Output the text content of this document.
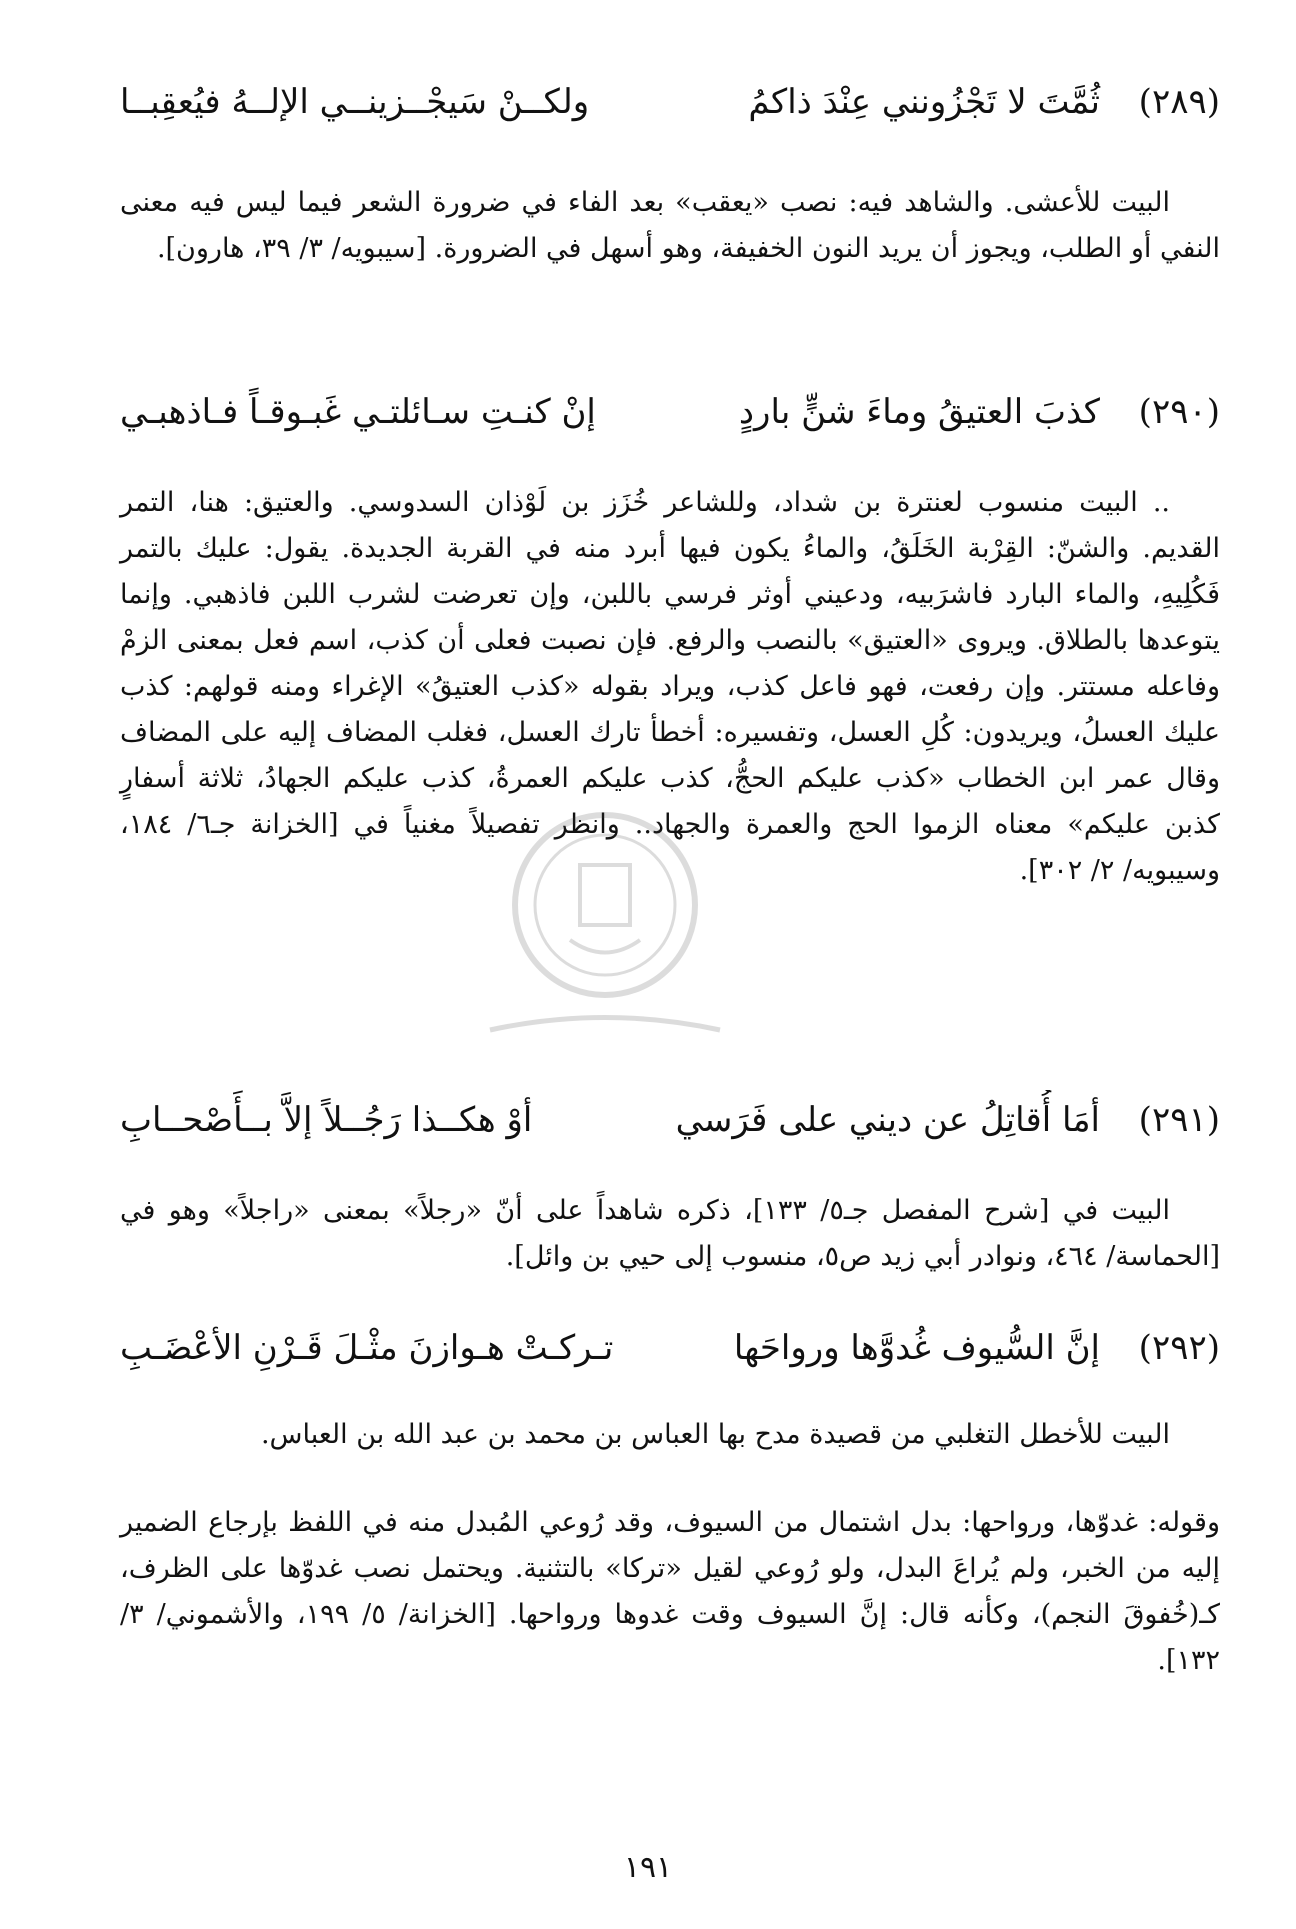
(٢٨٩)
ثُمَّتَ لا تَجْزُونني عِنْدَ ذاكمُ
ولكــنْ سَيجْــزينــي الإلــهُ فيُعقِبــا

البيت للأعشى. والشاهد فيه: نصب «يعقب» بعد الفاء في ضرورة الشعر فيما ليس فيه معنى النفي أو الطلب، ويجوز أن يريد النون الخفيفة، وهو أسهل في الضرورة. [سيبويه/ ٣/ ٣٩، هارون].

(٢٩٠)
كذبَ العتيقُ وماءَ شنٍّ باردٍ
إنْ كنـتِ سـائلتـي غَبـوقـاً فـاذهبـي

.. البيت منسوب لعنترة بن شداد، وللشاعر خُزَز بن لَوْذان السدوسي. والعتيق: هنا، التمر القديم. والشنّ: القِرْبة الخَلَقُ، والماءُ يكون فيها أبرد منه في القربة الجديدة. يقول: عليك بالتمر فَكُلِيهِ، والماء البارد فاشرَبيه، ودعيني أوثر فرسي باللبن، وإن تعرضت لشرب اللبن فاذهبي. وإنما يتوعدها بالطلاق. ويروى «العتيق» بالنصب والرفع. فإن نصبت فعلى أن كذب، اسم فعل بمعنى الزمْ وفاعله مستتر. وإن رفعت، فهو فاعل كذب، ويراد بقوله «كذب العتيقُ» الإغراء ومنه قولهم: كذب عليك العسلُ، ويريدون: كُلِ العسل، وتفسيره: أخطأ تارك العسل، فغلب المضاف إليه على المضاف وقال عمر ابن الخطاب «كذب عليكم الحجُّ، كذب عليكم العمرةُ، كذب عليكم الجهادُ، ثلاثة أسفارٍ كذبن عليكم» معناه الزموا الحج والعمرة والجهاد.. وانظر تفصيلاً مغنياً في [الخزانة جـ٦/ ١٨٤، وسيبويه/ ٢/ ٣٠٢].

(٢٩١)
أمَا أُقاتِلُ عن ديني على فَرَسي
أوْ هكــذا رَجُــلاً إلاَّ بــأَصْحــابِ

البيت في [شرح المفصل جـ٥/ ١٣٣]، ذكره شاهداً على أنّ «رجلاً» بمعنى «راجلاً» وهو في [الحماسة/ ٤٦٤، ونوادر أبي زيد ص٥، منسوب إلى حيي بن وائل].

(٢٩٢)
إنَّ السُّيوف غُدوَّها ورواحَها
تـركـتْ هـوازنَ مثْـلَ قَـرْنِ الأعْضَـبِ

البيت للأخطل التغلبي من قصيدة مدح بها العباس بن محمد بن عبد الله بن العباس.

وقوله: غدوّها، ورواحها: بدل اشتمال من السيوف، وقد رُوعي المُبدل منه في اللفظ بإرجاع الضمير إليه من الخبر، ولم يُراعَ البدل، ولو رُوعي لقيل «تركا» بالتثنية. ويحتمل نصب غدوّها على الظرف، كـ(خُفوقَ النجم)، وكأنه قال: إنَّ السيوف وقت غدوها ورواحها. [الخزانة/ ٥/ ١٩٩، والأشموني/ ٣/ ١٣٢].

١٩١
